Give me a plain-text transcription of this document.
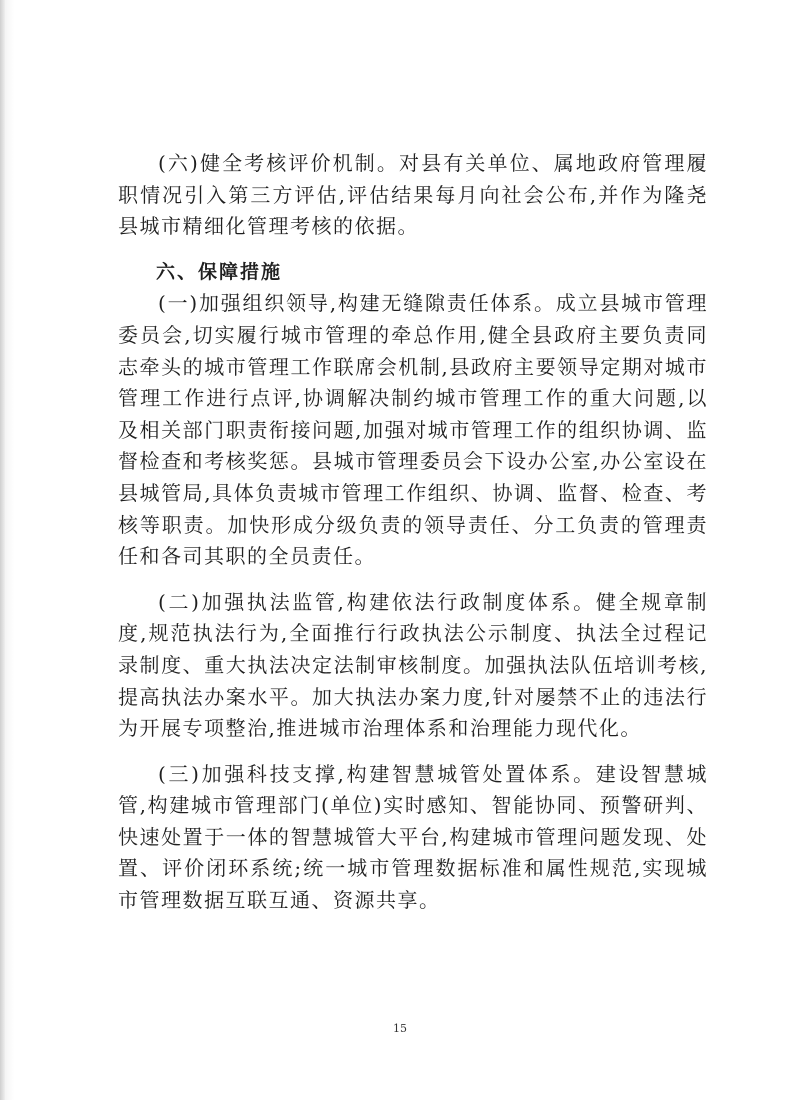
(六)健全考核评价机制。对县有关单位、属地政府管理履职情况引入第三方评估,评估结果每月向社会公布,并作为隆尧县城市精细化管理考核的依据。

六、保障措施

(一)加强组织领导,构建无缝隙责任体系。成立县城市管理委员会,切实履行城市管理的牵总作用,健全县政府主要负责同志牵头的城市管理工作联席会机制,县政府主要领导定期对城市管理工作进行点评,协调解决制约城市管理工作的重大问题,以及相关部门职责衔接问题,加强对城市管理工作的组织协调、监督检查和考核奖惩。县城市管理委员会下设办公室,办公室设在县城管局,具体负责城市管理工作组织、协调、监督、检查、考核等职责。加快形成分级负责的领导责任、分工负责的管理责任和各司其职的全员责任。

(二)加强执法监管,构建依法行政制度体系。健全规章制度,规范执法行为,全面推行行政执法公示制度、执法全过程记录制度、重大执法决定法制审核制度。加强执法队伍培训考核,提高执法办案水平。加大执法办案力度,针对屡禁不止的违法行为开展专项整治,推进城市治理体系和治理能力现代化。

(三)加强科技支撑,构建智慧城管处置体系。建设智慧城管,构建城市管理部门(单位)实时感知、智能协同、预警研判、快速处置于一体的智慧城管大平台,构建城市管理问题发现、处置、评价闭环系统;统一城市管理数据标准和属性规范,实现城市管理数据互联互通、资源共享。

15
